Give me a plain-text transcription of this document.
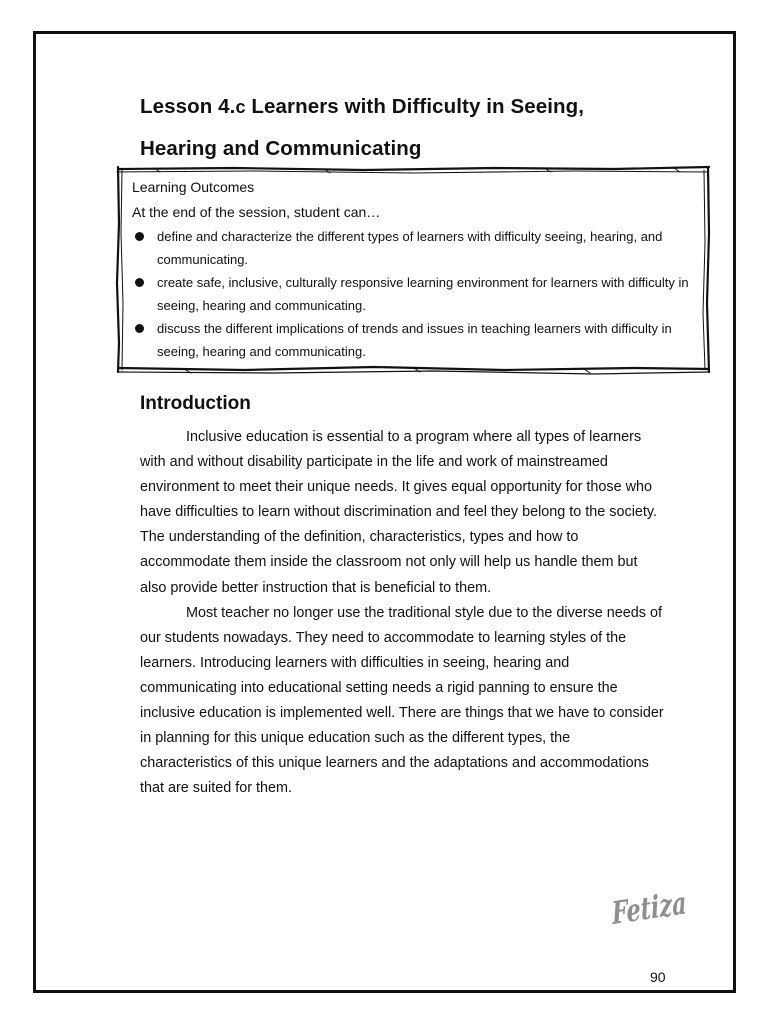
Lesson 4.c Learners with Difficulty in Seeing,
Hearing and Communicating
Learning Outcomes
At the end of the session, student can…
define and characterize the different types of learners with difficulty seeing, hearing, and communicating.
create safe, inclusive, culturally responsive learning environment for learners with difficulty in seeing, hearing and communicating.
discuss the different implications of trends and issues in teaching learners with difficulty in seeing, hearing and communicating.
Introduction

Inclusive education is essential to a program where all types of learners with and without disability participate in the life and work of mainstreamed environment to meet their unique needs. It gives equal opportunity for those who have difficulties to learn without discrimination and feel they belong to the society. The understanding of the definition, characteristics, types and how to accommodate them inside the classroom not only will help us handle them but also provide better instruction that is beneficial to them.

Most teacher no longer use the traditional style due to the diverse needs of our students nowadays. They need to accommodate to learning styles of the learners. Introducing learners with difficulties in seeing, hearing and communicating into educational setting needs a rigid panning to ensure the inclusive education is implemented well. There are things that we have to consider in planning for this unique education such as the different types, the characteristics of this unique learners and the adaptations and accommodations that are suited for them.

Fetiza
90
